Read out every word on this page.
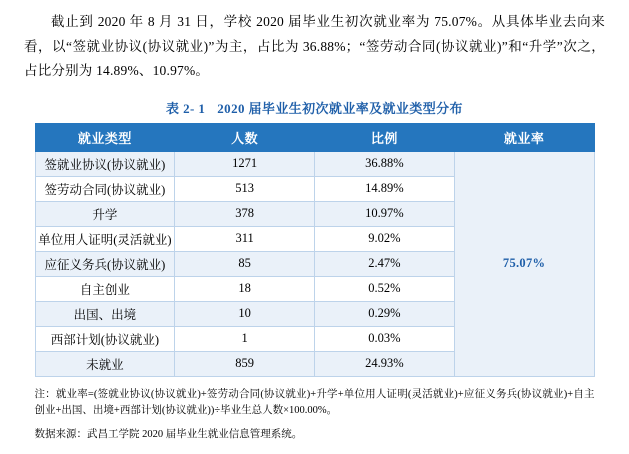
截止到 2020 年 8 月 31 日，学校 2020 届毕业生初次就业率为 75.07%。从具体毕业去向来看，以“签就业协议(协议就业)”为主，占比为 36.88%；“签劳动合同(协议就业)”和“升学”次之，占比分别为 14.89%、10.97%。

表 2- 1 2020 届毕业生初次就业率及就业类型分布
就业类型	人数	比例	就业率
签就业协议(协议就业)	1271	36.88%	75.07%
签劳动合同(协议就业)	513	14.89%	
升学	378	10.97%	
单位用人证明(灵活就业)	311	9.02%	
应征义务兵(协议就业)	85	2.47%	
自主创业	18	0.52%	
出国、出境	10	0.29%	
西部计划(协议就业)	1	0.03%	
未就业	859	24.93%	
注：就业率=(签就业协议(协议就业)+签劳动合同(协议就业)+升学+单位用人证明(灵活就业)+应征义务兵(协议就业)+自主创业+出国、出境+西部计划(协议就业))÷毕业生总人数×100.00%。
数据来源：武昌工学院 2020 届毕业生就业信息管理系统。
